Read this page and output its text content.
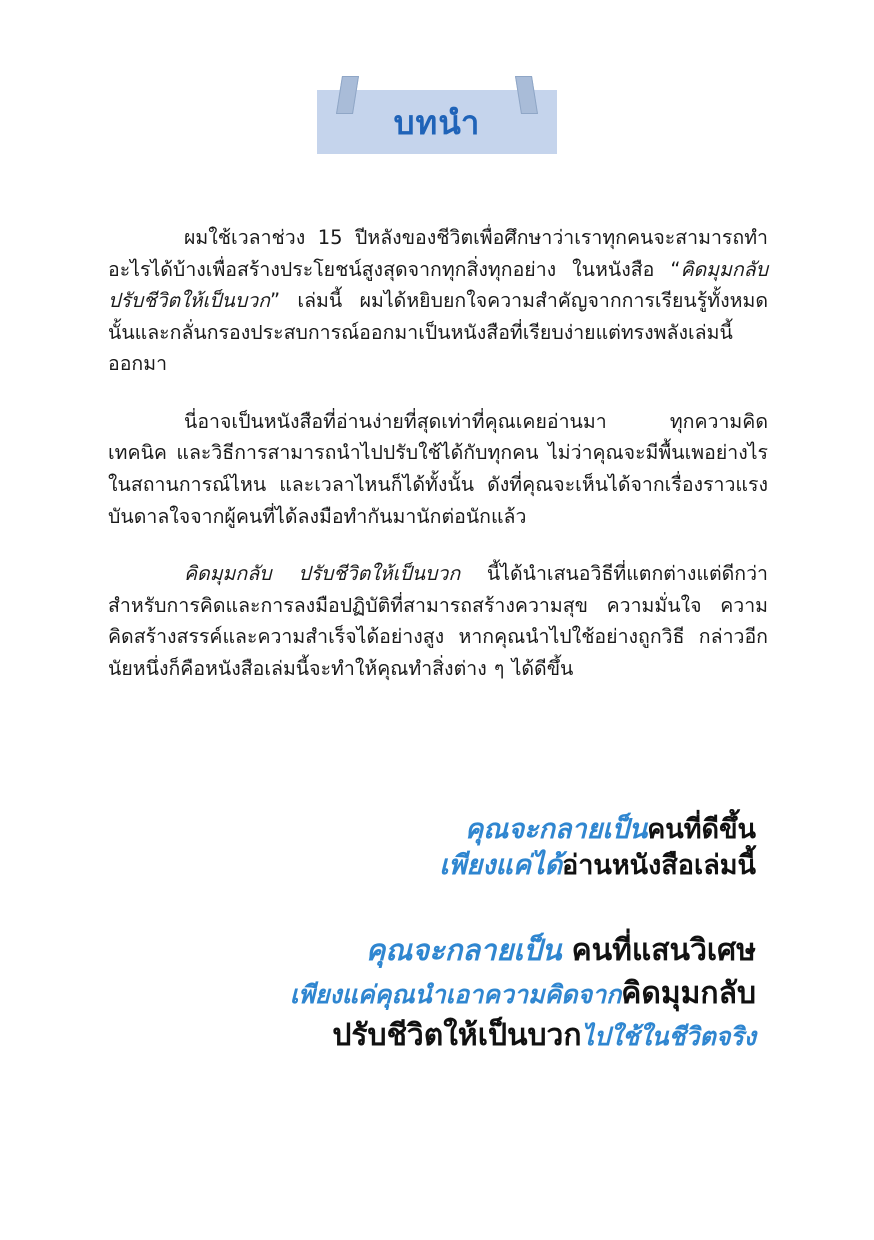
บทนำ

ผมใช้เวลาช่วง 15 ปีหลังของชีวิตเพื่อศึกษาว่าเราทุกคนจะสามารถทำอะไรได้บ้างเพื่อสร้างประโยชน์สูงสุดจากทุกสิ่งทุกอย่าง ในหนังสือ “คิดมุมกลับ ปรับชีวิตให้เป็นบวก” เล่มนี้ ผมได้หยิบยกใจความสำคัญจากการเรียนรู้ทั้งหมดนั้นและกลั่นกรองประสบการณ์ออกมาเป็นหนังสือที่เรียบง่ายแต่ทรงพลังเล่มนี้ออกมา

นี่อาจเป็นหนังสือที่อ่านง่ายที่สุดเท่าที่คุณเคยอ่านมา ทุกความคิด เทคนิค และวิธีการสามารถนำไปปรับใช้ได้กับทุกคน ไม่ว่าคุณจะมีพื้นเพอย่างไร ในสถานการณ์ไหน และเวลาไหนก็ได้ทั้งนั้น ดังที่คุณจะเห็นได้จากเรื่องราวแรงบันดาลใจจากผู้คนที่ได้ลงมือทำกันมานักต่อนักแล้ว

คิดมุมกลับ ปรับชีวิตให้เป็นบวก นี้ได้นำเสนอวิธีที่แตกต่างแต่ดีกว่าสำหรับการคิดและการลงมือปฏิบัติที่สามารถสร้างความสุข ความมั่นใจ ความคิดสร้างสรรค์และความสำเร็จได้อย่างสูง หากคุณนำไปใช้อย่างถูกวิธี กล่าวอีกนัยหนึ่งก็คือหนังสือเล่มนี้จะทำให้คุณทำสิ่งต่าง ๆ ได้ดีขึ้น

คุณจะกลายเป็นคนที่ดีขึ้น
เพียงแค่ได้อ่านหนังสือเล่มนี้
คุณจะกลายเป็น คนที่แสนวิเศษ
เพียงแค่คุณนำเอาความคิดจากคิดมุมกลับ
ปรับชีวิตให้เป็นบวกไปใช้ในชีวิตจริง
